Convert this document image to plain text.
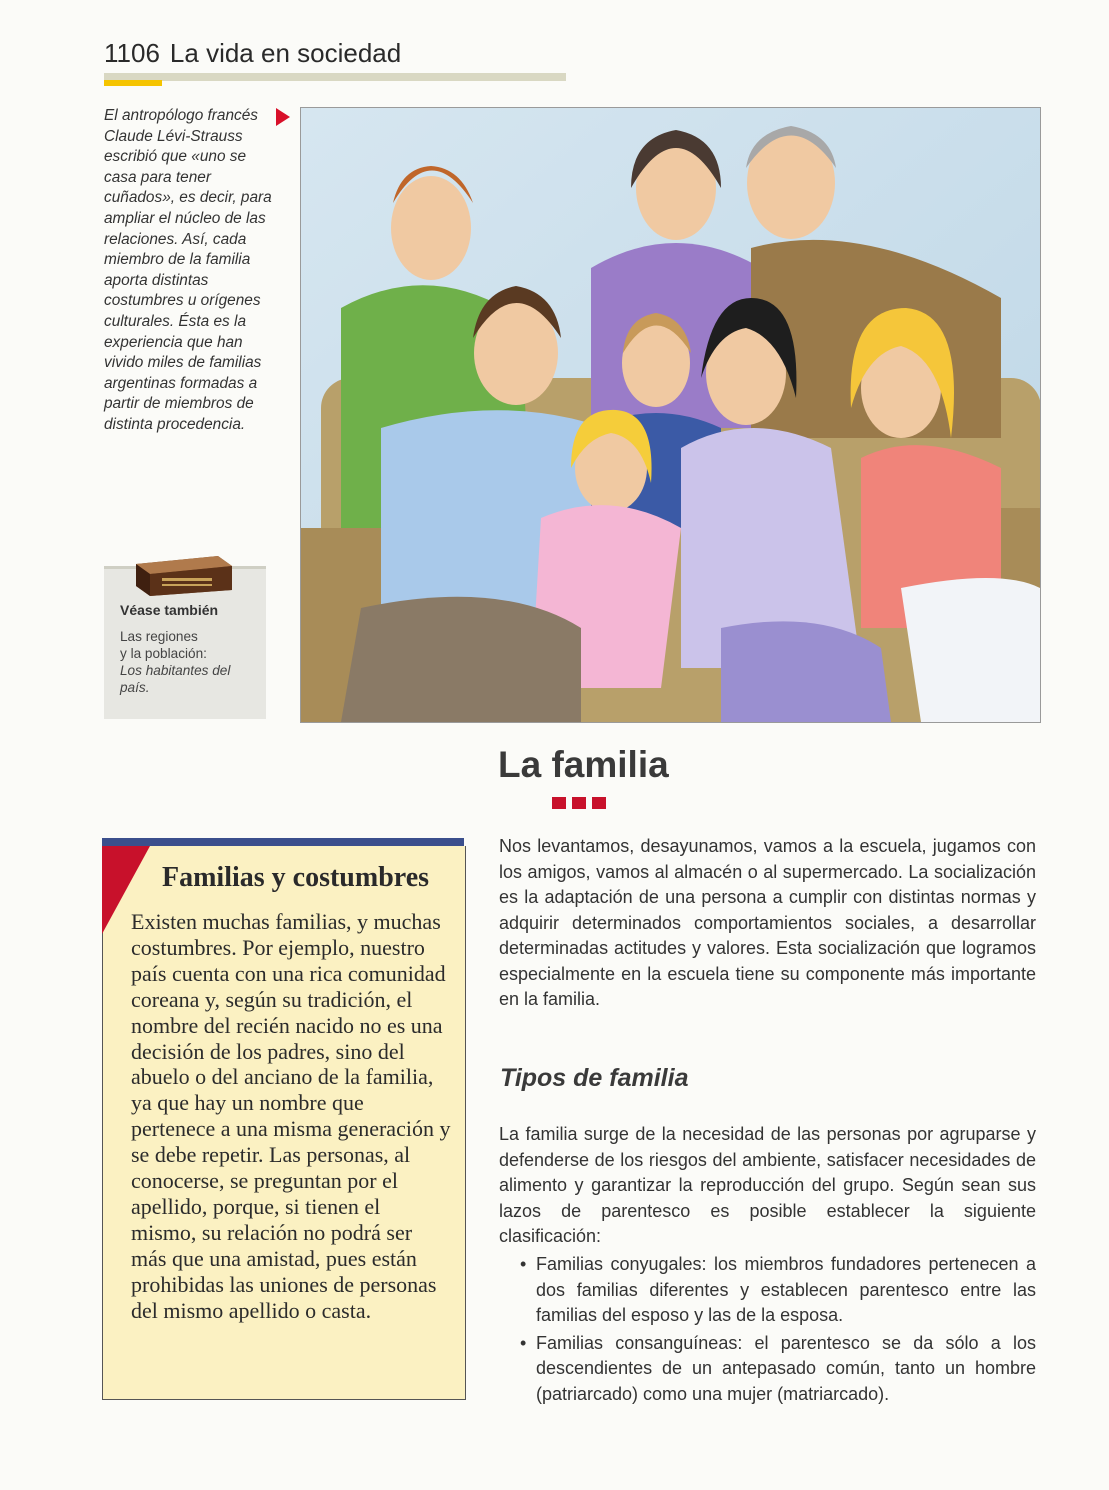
1106 La vida en sociedad
El antropólogo francés Claude Lévi-Strauss escribió que «uno se casa para tener cuñados», es decir, para ampliar el núcleo de las relaciones. Así, cada miembro de la familia aporta distintas costumbres u orígenes culturales. Ésta es la experiencia que han vivido miles de familias argentinas formadas a partir de miembros de distinta procedencia.
Véase también
Las regiones
y la población:
Los habitantes del país.
La familia
Familias y costumbres
Existen muchas familias, y muchas costumbres. Por ejemplo, nuestro país cuenta con una rica comunidad coreana y, según su tradición, el nombre del recién nacido no es una decisión de los padres, sino del abuelo o del anciano de la familia, ya que hay un nombre que pertenece a una misma generación y se debe repetir. Las personas, al conocerse, se preguntan por el apellido, porque, si tienen el mismo, su relación no podrá ser más que una amistad, pues están prohibidas las uniones de personas del mismo apellido o casta.
Nos levantamos, desayunamos, vamos a la escuela, jugamos con los amigos, vamos al almacén o al supermercado. La socialización es la adaptación de una persona a cumplir con distintas normas y adquirir determinados comportamientos sociales, a desarrollar determinadas actitudes y valores. Esta socialización que logramos especialmente en la escuela tiene su componente más importante en la familia.
Tipos de familia
La familia surge de la necesidad de las personas por agruparse y defenderse de los riesgos del ambiente, satisfacer necesidades de alimento y garantizar la reproducción del grupo. Según sean sus lazos de parentesco es posible establecer la siguiente clasificación:
• Familias conyugales: los miembros fundadores pertenecen a dos familias diferentes y establecen parentesco entre las familias del esposo y las de la esposa.
• Familias consanguíneas: el parentesco se da sólo a los descendientes de un antepasado común, tanto un hombre (patriarcado) como una mujer (matriarcado).
